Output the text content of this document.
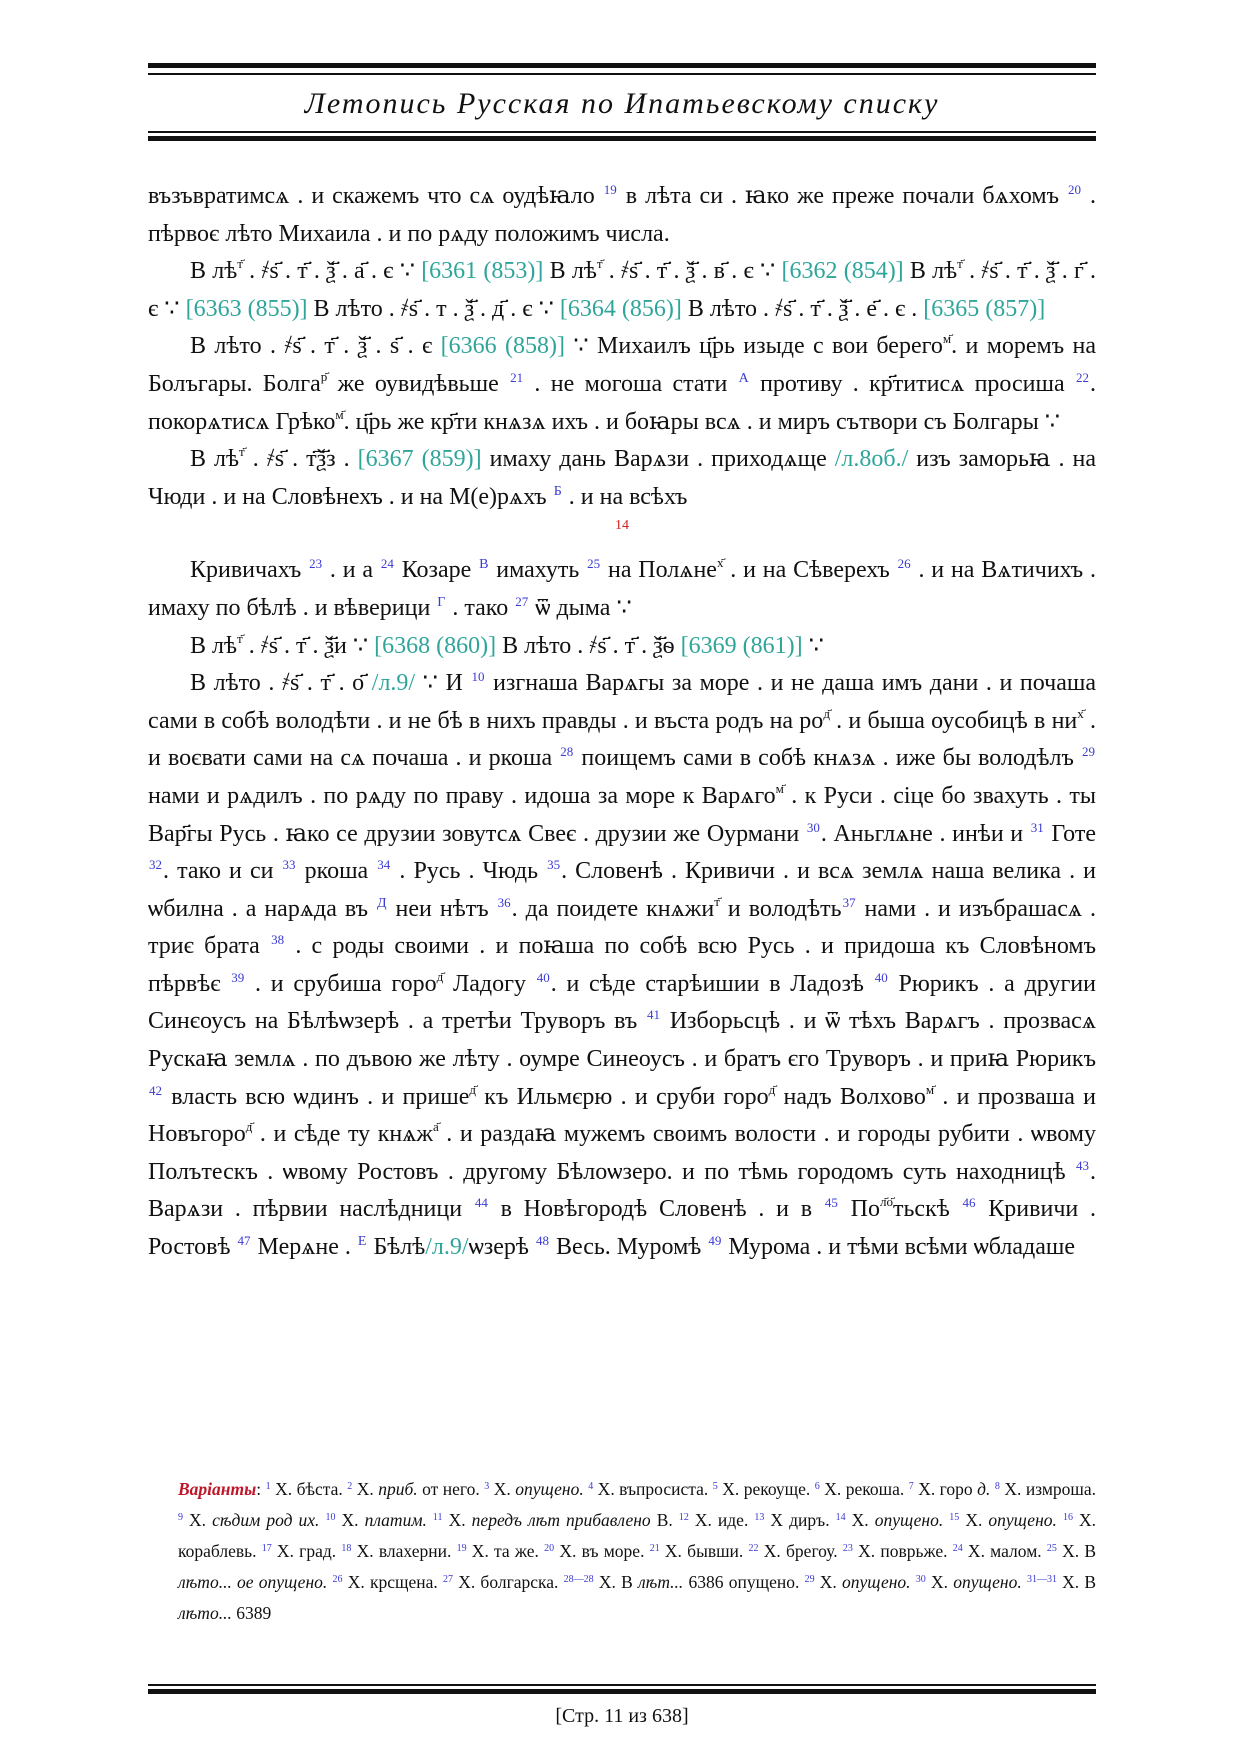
Летопись Русская по Ипатьевскому списку

възъвратимсѧ . и скажемъ что сѧ оудѣꙗло $^{19}$ в лѣта си . ꙗко же преже почали бѧхомъ $^{20}$ . пѣрвоє лѣто Михаила . и по рѧду положимъ числа.

В $лѣ^{т҃}$ . ҂ѕ҃ . т҃ . ѯ҃ . а҃ . є ∵ [6361 (853)] В $лѣ^{т҃}$ . ҂ѕ҃ . т҃ . ѯ҃ . в҃ . є ∵ [6362 (854)] В $лѣ^{т҃}$ . ҂ѕ҃ . т҃ . ѯ҃ . г҃ . є ∵ [6363 (855)] В лѣто . ҂ѕ҃ . т . ѯ҃ . д҃ . є ∵ [6364 (856)] В лѣто . ҂ѕ҃ . т҃ . ѯ҃ . е҃ . є . [6365 (857)]

В лѣто . ҂ѕ҃ . т҃ . ѯ҃ . ѕ҃ . є [6366 (858)] ∵ Михаилъ ц҃рь изыде с вои берего$^{м҃}$. и моремъ на Болъгары. Болга$^{р҃}$ же оувидѣвьше $^{21}$ . не могоша стати $^А$ противу . кр҃титисѧ просиша $^{22}$. покорѧтисѧ Грѣко$^{м҃}$. ц҃рь же кр҃ти кнѧзѧ ихъ . и боꙗры всѧ . и миръ сътвори съ Болгары ∵

В $лѣ^{т҃}$ . ҂ѕ҃ . т҃ѯ҃з . [6367 (859)] имаху дань Варѧзи . приходѧще /л.8об./ изъ заморьꙗ . на Чюди . и на Словѣнехъ . и на М(е)рѧхъ $^Б$ . и на всѣхъ

14

Кривичахъ $^{23}$ . и а $^{24}$ Козаре $^В$ имахуть $^{25}$ на Полѧне$^{х҃}$ . и на Сѣверехъ $^{26}$ . и на Вѧтичихъ . имаху по бѣлѣ . и вѣверици $^Г$ . тако $^{27}$ ѿ дыма ∵

В $лѣ^{т҃}$ . ҂ѕ҃ . т҃ . ѯ҃и ∵ [6368 (860)] В лѣто . ҂ѕ҃ . т҃ . ѯ҃ѳ [6369 (861)] ∵

В лѣто . ҂ѕ҃ . т҃ . о҃ /л.9/ ∵ И $^{10}$ изгнаша Варѧгы за море . и не даша имъ дани . и почаша сами в собѣ володѣти . и не бѣ в нихъ правды . и въста родъ на $ро^{д҃}$ . и быша оусобицѣ в $ни^{х҃}$ . и воєвати сами на сѧ почаша . и ркоша $^{28}$ поищемъ сами в собѣ кнѧзѧ . иже бы володѣлъ $^{29}$ нами и рѧдилъ . по рѧду по праву . идоша за море к Варѧго$^{м҃}$ . к Руси . сіце бо звахуть . ты Вар҃гы Русь . ꙗко се друзии зовутсѧ Свеє . друзии же Оурмани $^{30}$. Аньглѧне . инѣи и $^{31}$ Готе $^{32}$. тако и си $^{33}$ ркоша $^{34}$ . Русь . Чюдь $^{35}$. Словенѣ . Кривичи . и всѧ землѧ наша велика . и ѡбилна . а нарѧда въ $^Д$ неи нѣтъ $^{36}$. да поидете кнѧжи$^{т҃}$ и володѣть$^{37}$ нами . и изъбрашасѧ . триє брата $^{38}$ . с роды своими . и поꙗша по собѣ всю Русь . и придоша къ Словѣномъ пѣрвѣє $^{39}$ . и срубиша горо$^{д҃}$ Ладогу $^{40}$. и сѣде старѣишии в Ладозѣ $^{40}$ Рюрикъ . а другии Синєоусъ на Бѣлѣѡзерѣ . а третѣи Труворъ въ $^{41}$ Изборьсцѣ . и ѿ тѣхъ Варѧгъ . прозвасѧ Рускаꙗ землѧ . по дъвою же лѣту . оумре Синеоусъ . и братъ єго Труворъ . и приꙗ Рюрикъ $^{42}$ власть всю ѡдинъ . и пришe$^{д҃}$ къ Ильмєрю . и сруби горо$^{д҃}$ надъ Волхово$^{м҃}$ . и прозваша и Новъгоро$^{д҃}$ . и сѣде ту кнѧж$^{а҃}$ . и раздаꙗ мужемъ своимъ волости . и городы рубити . ѡвому Полътескъ . ѡвому Ростовъ . другому Бѣлоѡзеро. и по тѣмь городомъ суть находницѣ $^{43}$. Варѧзи . пѣрвии наслѣдници $^{44}$ в Новѣгородѣ Словенѣ . и в $^{45}$ $По^{л҃о҃}тьскѣ$ $^{46}$ Кривичи . Ростовѣ $^{47}$ Мерѧне . $^Е$ Бѣлѣ/л.9/ѡзерѣ $^{48}$ Весь. Муромѣ $^{49}$ Мурома . и тѣми всѣми ѡбладаше

Варіанты: $^1$ Х. бѣста. $^2$ Х. приб. от него. $^3$ Х. опущено. $^4$ Х. въпросиста. $^5$ Х. рекоуще. $^6$ Х. рекоша. $^7$ Х. горо д. $^8$ Х. измроша. $^9$ Х. сѣдим род их. $^{10}$ Х. платим. $^{11}$ Х. передъ лѣт прибавлено В. $^{12}$ Х. иде. $^{13}$ Х диръ. $^{14}$ Х. опущено. $^{15}$ Х. опущено. $^{16}$ Х. кораблевь. $^{17}$ Х. град. $^{18}$ Х. влахерни. $^{19}$ Х. та же. $^{20}$ Х. въ море. $^{21}$ Х. бывши. $^{22}$ Х. брегоу. $^{23}$ Х. поврьже. $^{24}$ Х. малом. $^{25}$ Х. В лѣто... ое опущено. $^{26}$ Х. крсщена. $^{27}$ Х. болгарска. $^{28—28}$ Х. В лѣт... 6386 опущено. $^{29}$ Х. опущено. $^{30}$ Х. опущено. $^{31—31}$ Х. В лѣто... 6389
[Стр. 11 из 638]
